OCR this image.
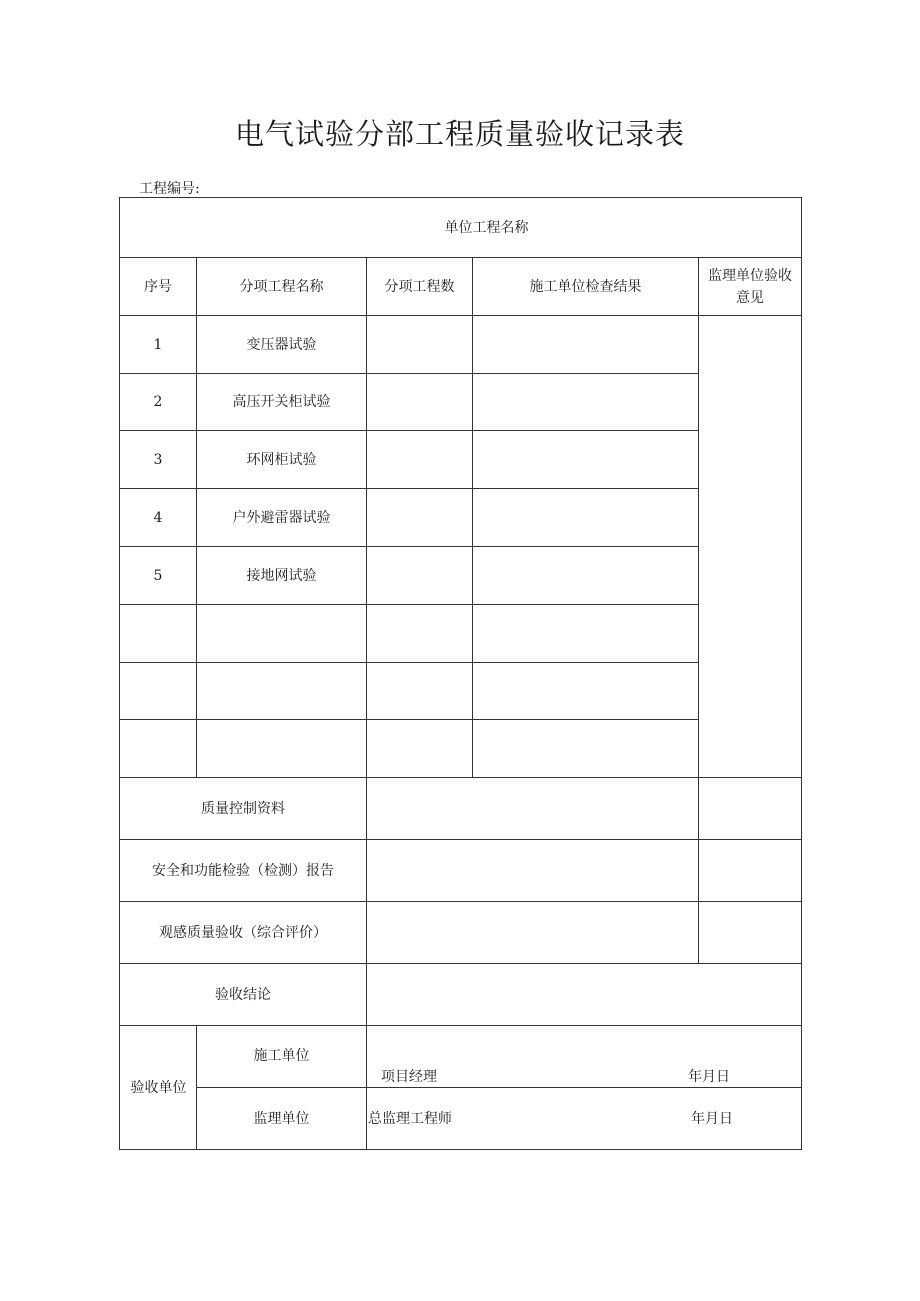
电气试验分部工程质量验收记录表
工程编号:
单位工程名称				
序号	分项工程名称	分项工程数	施工单位检查结果	监理单位验收意见
1	变压器试验			
2	高压开关柜试验			
3	环网柜试验			
4	户外避雷器试验			
5	接地网试验			

质量控制资料				
安全和功能检验（检测）报告				
观感质量验收（综合评价）				
验收结论				
验收单位	施工单位	项目经理 年月日		

	监理单位	总监理工程师 年月日		
